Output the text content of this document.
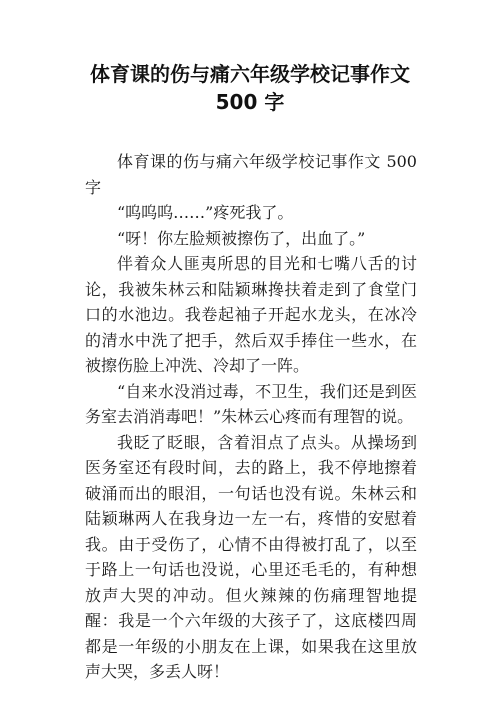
体育课的伤与痛六年级学校记事作文
500 字

体育课的伤与痛六年级学校记事作文 500 字

“呜呜呜……”疼死我了。

“呀！你左脸颊被擦伤了，出血了。”

伴着众人匪夷所思的目光和七嘴八舌的讨论，我被朱林云和陆颖琳搀扶着走到了食堂门口的水池边。我卷起袖子开起水龙头，在冰冷的清水中洗了把手，然后双手捧住一些水，在被擦伤脸上冲洗、冷却了一阵。

“自来水没消过毒，不卫生，我们还是到医务室去消消毒吧！”朱林云心疼而有理智的说。

我眨了眨眼，含着泪点了点头。从操场到医务室还有段时间，去的路上，我不停地擦着破涌而出的眼泪，一句话也没有说。朱林云和陆颖琳两人在我身边一左一右，疼惜的安慰着我。由于受伤了，心情不由得被打乱了，以至于路上一句话也没说，心里还毛毛的，有种想放声大哭的冲动。但火辣辣的伤痛理智地提醒：我是一个六年级的大孩子了，这底楼四周都是一年级的小朋友在上课，如果我在这里放声大哭，多丢人呀！
